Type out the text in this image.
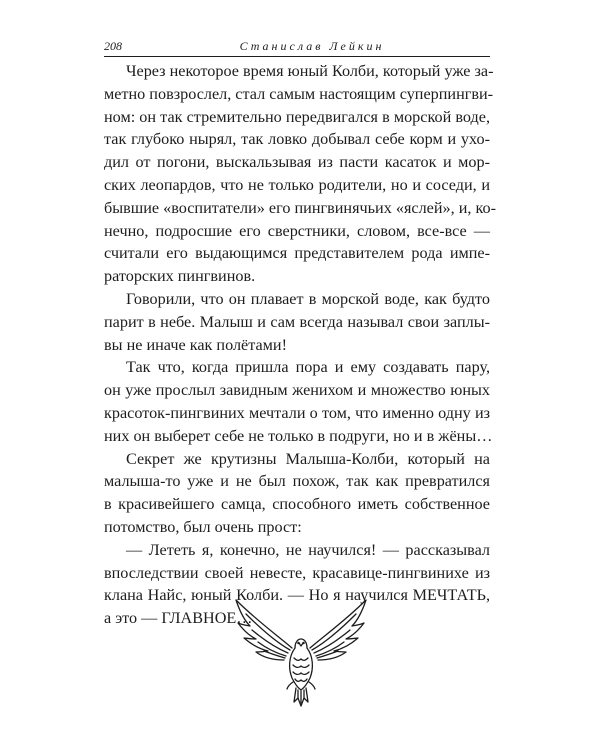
208	Станислав Лейкин
Через некоторое время юный Колби, который уже за-
метно повзрослел, стал самым настоящим суперпингви-
ном: он так стремительно передвигался в морской воде,
так глубоко нырял, так ловко добывал себе корм и ухо-
дил от погони, выскальзывая из пасти касаток и мор-
ских леопардов, что не только родители, но и соседи, и
бывшие «воспитатели» его пингвинячьих «яслей», и, ко-
нечно, подросшие его сверстники, словом, все-все —
считали его выдающимся представителем рода импе-
раторских пингвинов.
Говорили, что он плавает в морской воде, как будто
парит в небе. Малыш и сам всегда называл свои заплы-
вы не иначе как полётами!
Так что, когда пришла пора и ему создавать пару,
он уже прослыл завидным женихом и множество юных
красоток-пингвиних мечтали о том, что именно одну из
них он выберет себе не только в подруги, но и в жёны…
Секрет же крутизны Малыша-Колби, который на
малыша-то уже и не был похож, так как превратился
в красивейшего самца, способного иметь собственное
потомство, был очень прост:
— Лететь я, конечно, не научился! — рассказывал
впоследствии своей невесте, красавице-пингвинихе из
клана Найс, юный Колби. — Но я научился МЕЧТАТЬ,
а это — ГЛАВНОЕ…
